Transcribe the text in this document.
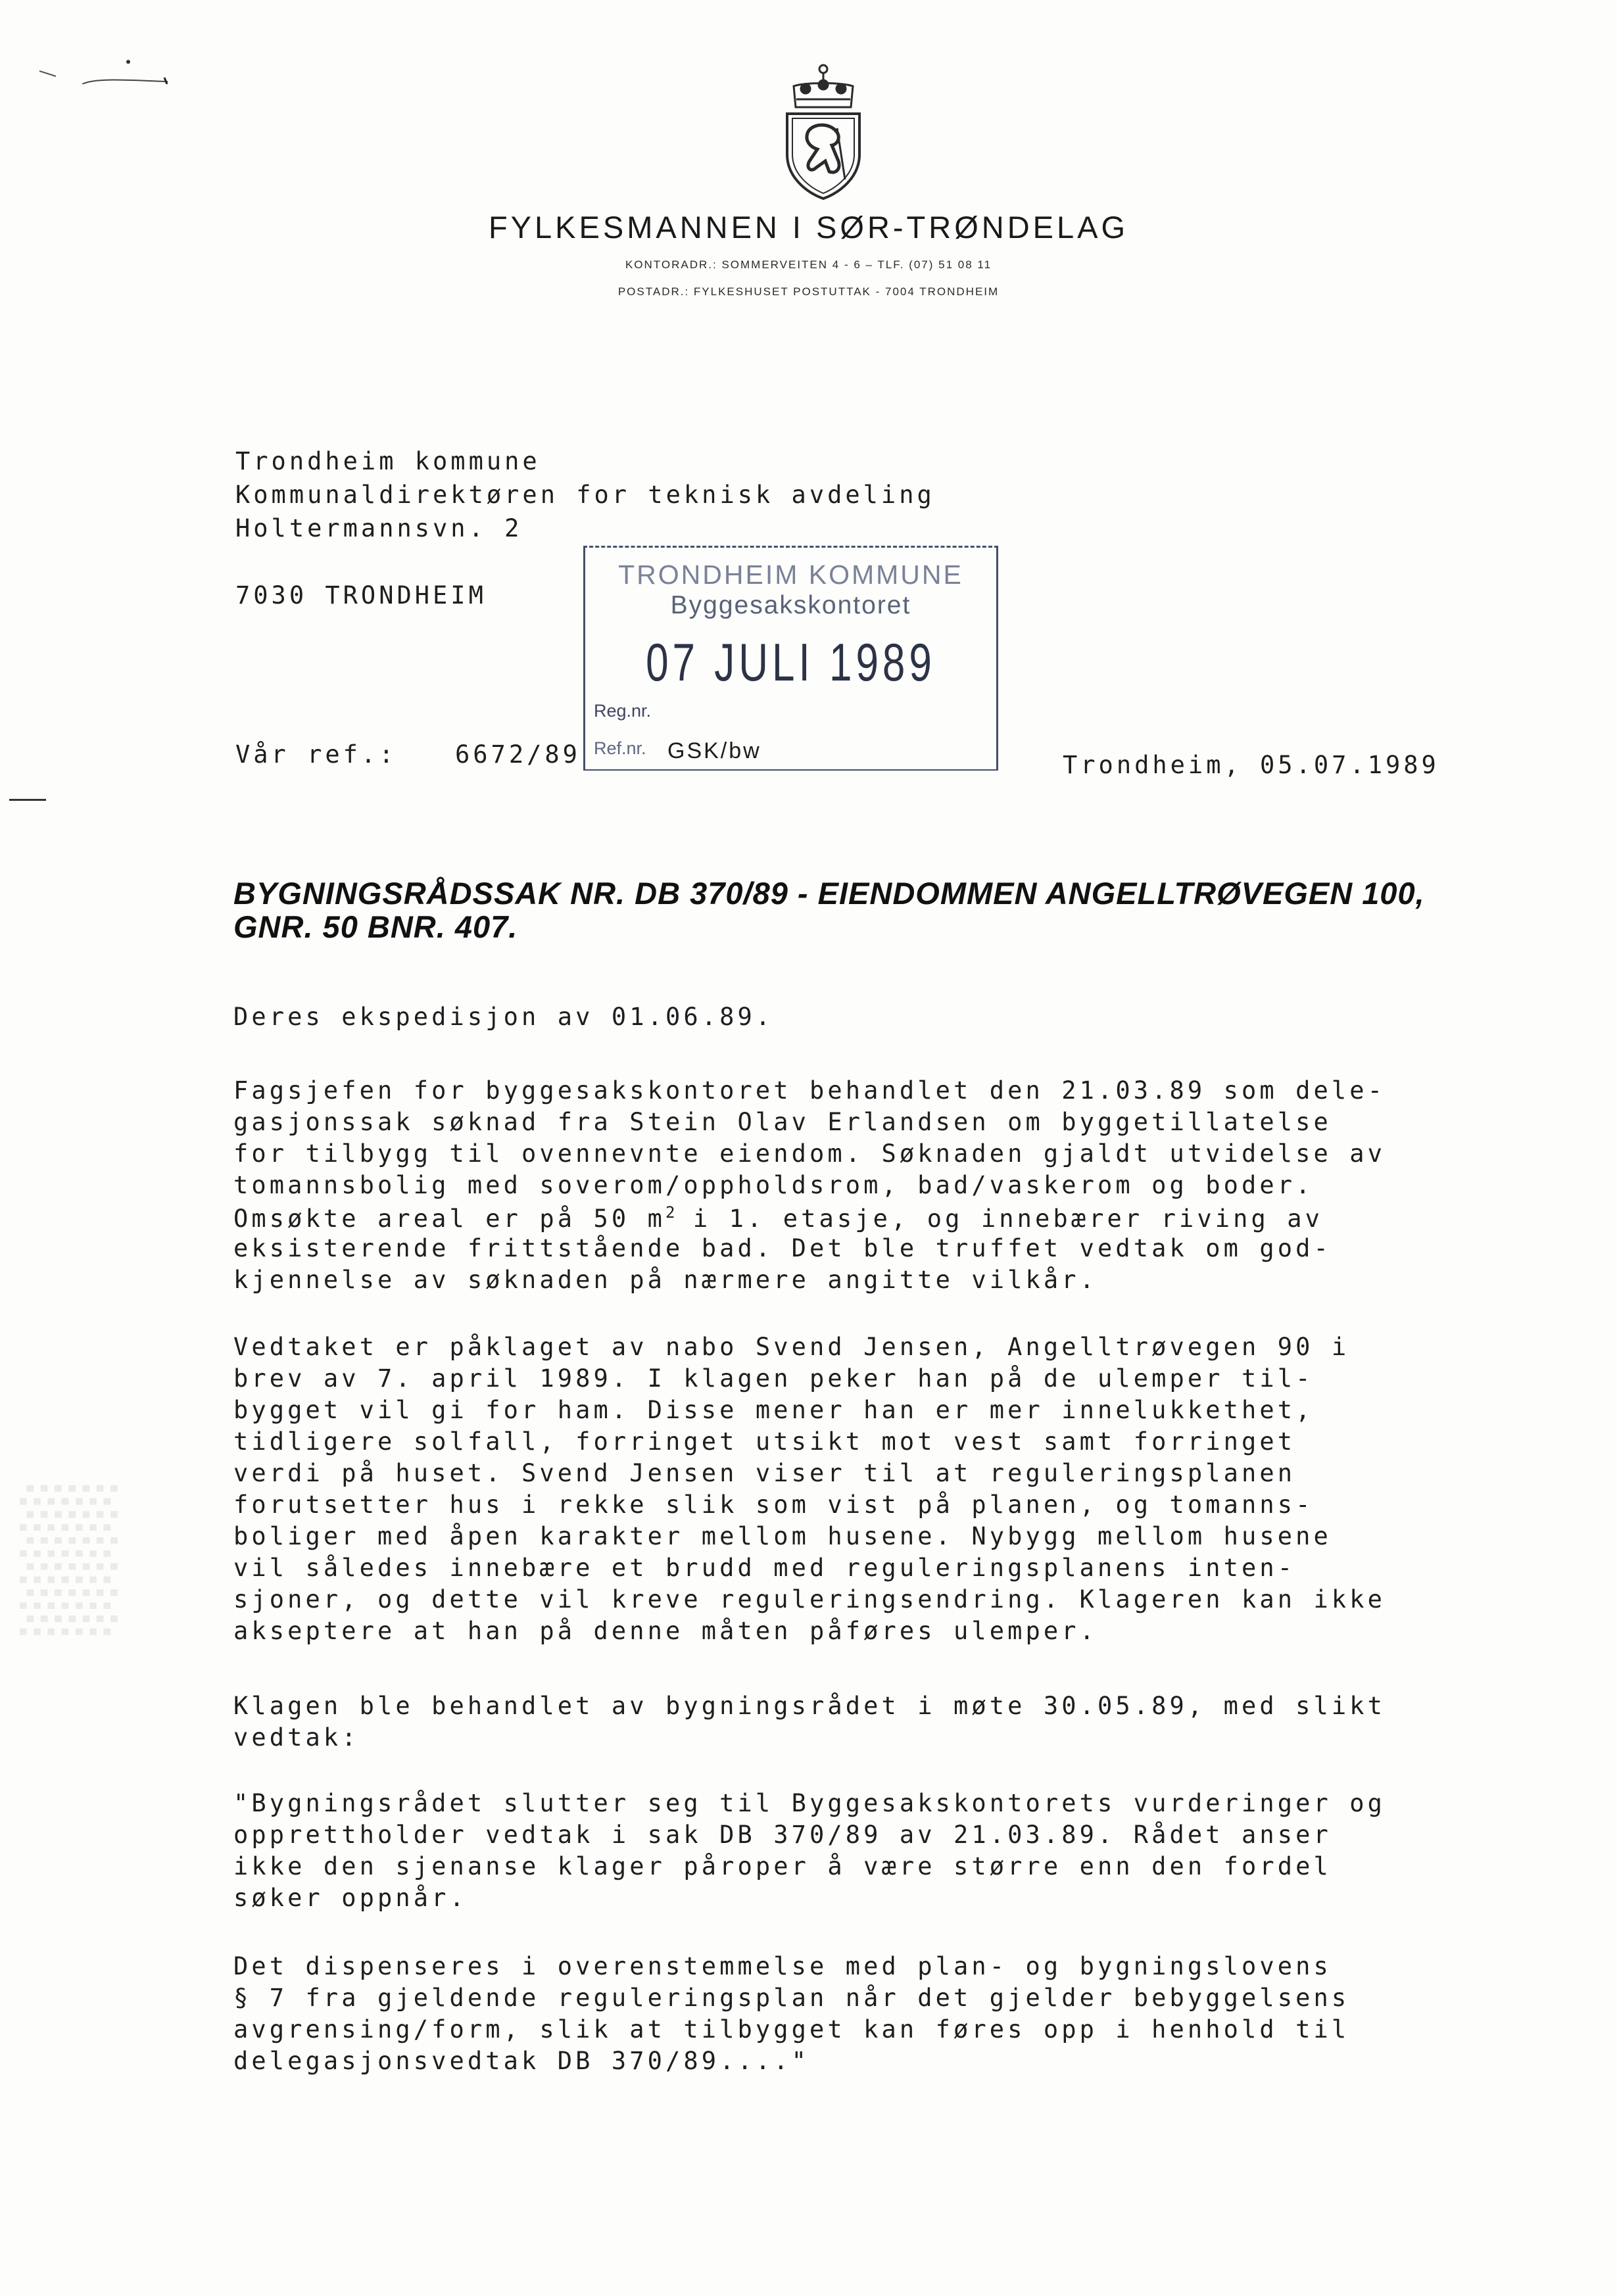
▒
FYLKESMANNEN I SØR-TRØNDELAG
KONTORADR.: SOMMERVEITEN 4 - 6 – TLF. (07) 51 08 11
POSTADR.: FYLKESHUSET POSTUTTAK - 7004 TRONDHEIM
Trondheim kommune
Kommunaldirektøren for teknisk avdeling
Holtermannsvn. 2
7030 TRONDHEIM
TRONDHEIM KOMMUNE
Byggesakskontoret
07 JULI 1989
Reg.nr.
Ref.nr. GSK/bw
Vår ref.: 6672/89	Trondheim, 05.07.1989
BYGNINGSRÅDSSAK NR. DB 370/89 - EIENDOMMEN ANGELLTRØVEGEN 100,
GNR. 50 BNR. 407.
Deres ekspedisjon av 01.06.89.
Fagsjefen for byggesakskontoret behandlet den 21.03.89 som dele-
gasjonssak søknad fra Stein Olav Erlandsen om byggetillatelse
for tilbygg til ovennevnte eiendom. Søknaden gjaldt utvidelse av
tomannsbolig med soverom/oppholdsrom, bad/vaskerom og boder.
Omsøkte areal er på 50 $m^2$ i 1. etasje, og innebærer riving av
eksisterende frittstående bad. Det ble truffet vedtak om god-
kjennelse av søknaden på nærmere angitte vilkår.
Vedtaket er påklaget av nabo Svend Jensen, Angelltrøvegen 90 i
brev av 7. april 1989. I klagen peker han på de ulemper til-
bygget vil gi for ham. Disse mener han er mer innelukkethet,
tidligere solfall, forringet utsikt mot vest samt forringet
verdi på huset. Svend Jensen viser til at reguleringsplanen
forutsetter hus i rekke slik som vist på planen, og tomanns-
boliger med åpen karakter mellom husene. Nybygg mellom husene
vil således innebære et brudd med reguleringsplanens inten-
sjoner, og dette vil kreve reguleringsendring. Klageren kan ikke
akseptere at han på denne måten påføres ulemper.
Klagen ble behandlet av bygningsrådet i møte 30.05.89, med slikt
vedtak:
"Bygningsrådet slutter seg til Byggesakskontorets vurderinger og
opprettholder vedtak i sak DB 370/89 av 21.03.89. Rådet anser
ikke den sjenanse klager påroper å være større enn den fordel
søker oppnår.
Det dispenseres i overenstemmelse med plan- og bygningslovens
§ 7 fra gjeldende reguleringsplan når det gjelder bebyggelsens
avgrensing/form, slik at tilbygget kan føres opp i henhold til
delegasjonsvedtak DB 370/89...."
